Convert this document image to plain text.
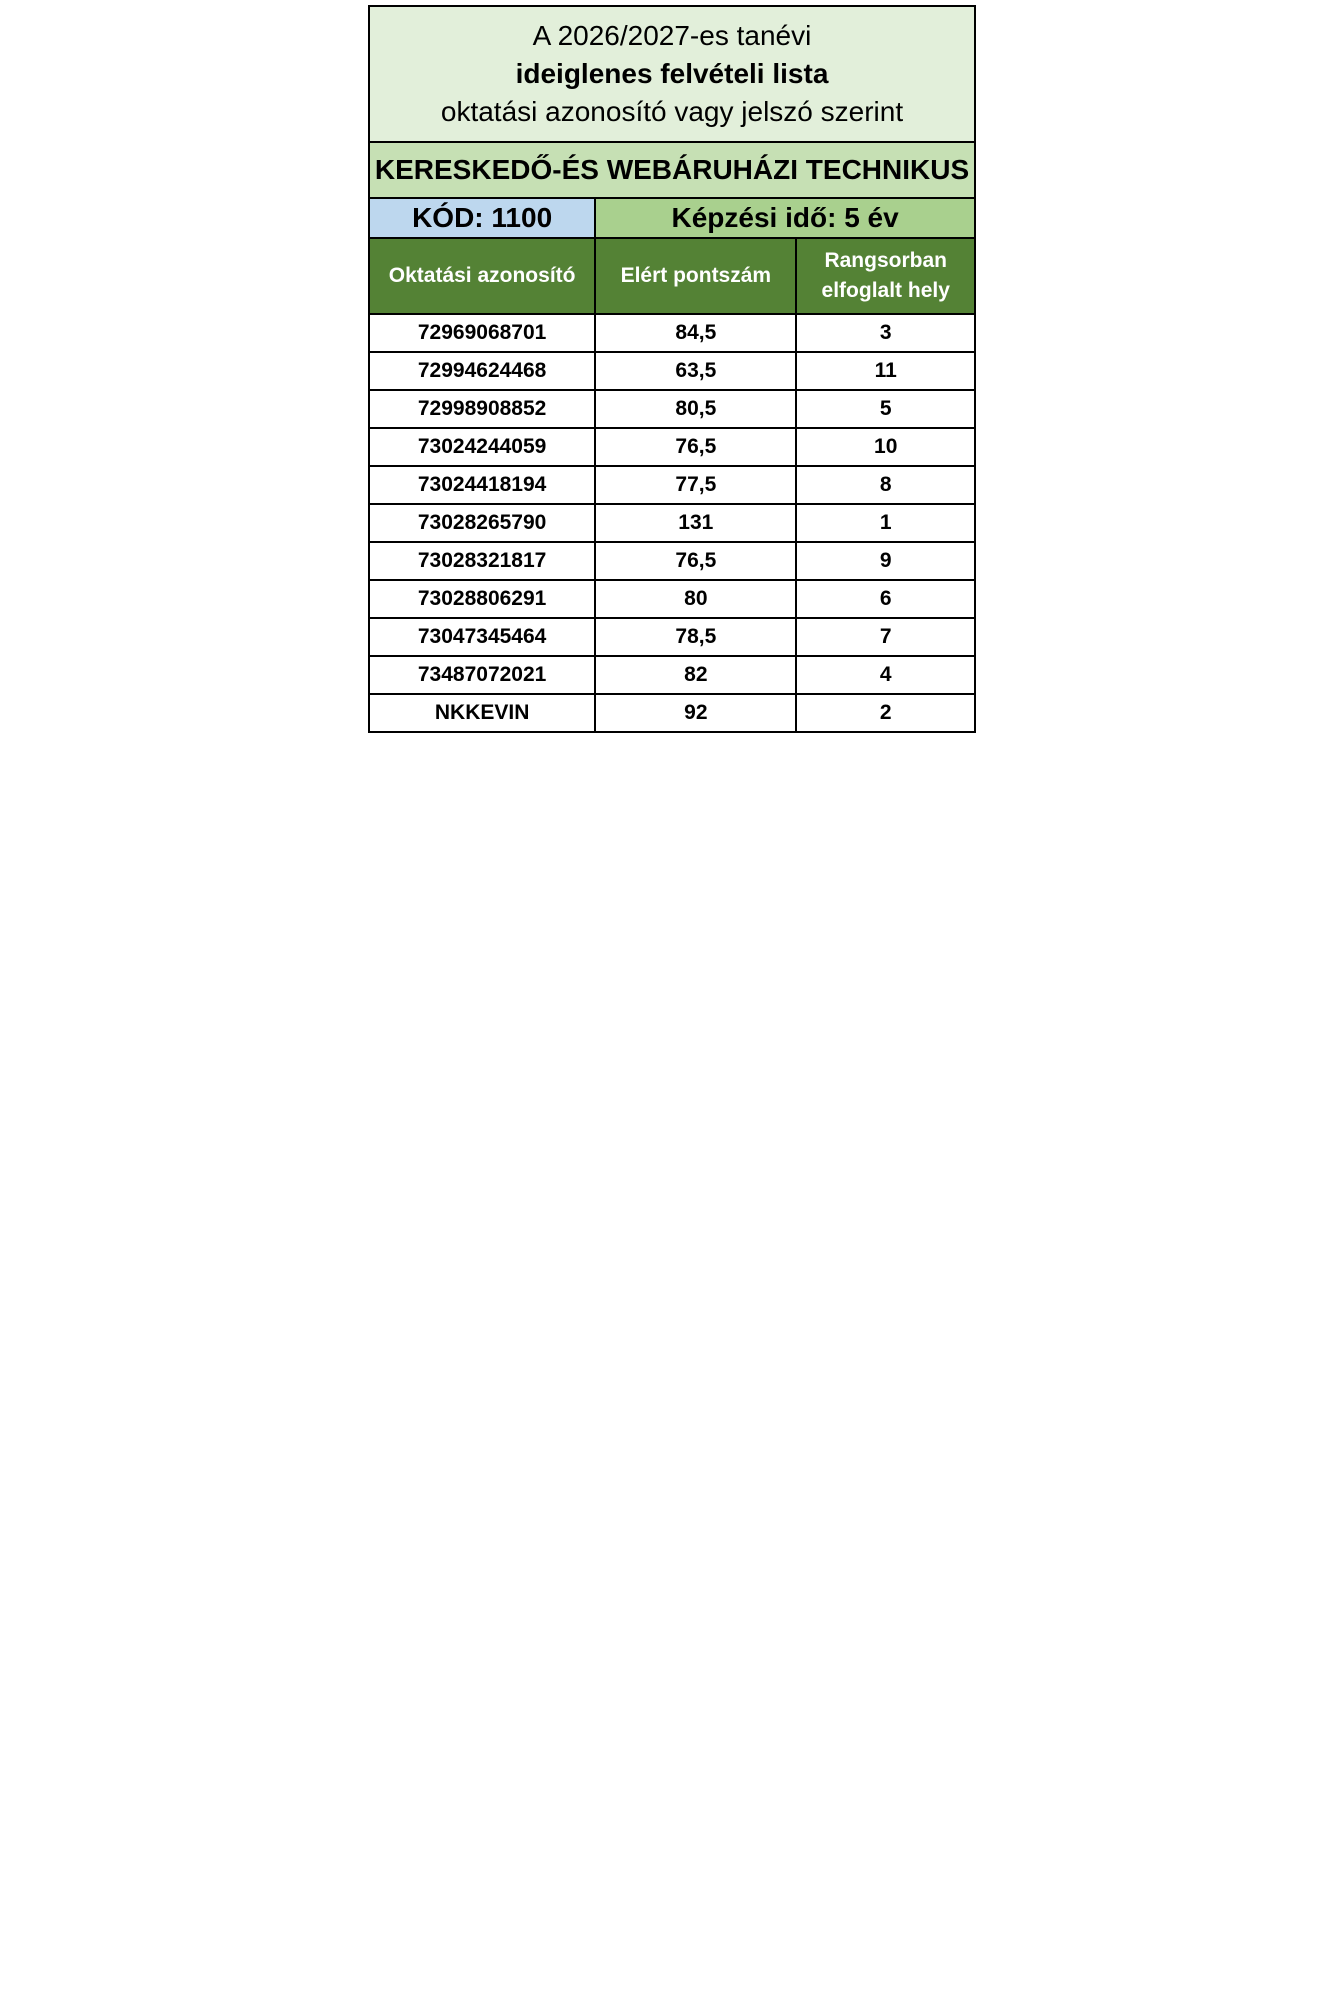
A 2026/2027-es tanévi
ideiglenes felvételi lista
oktatási azonosító vagy jelszó szerint		

KERESKEDŐ-ÉS WEBÁRUHÁZI TECHNIKUS		
KÓD: 1100	Képzési idő: 5 év	
Oktatási azonosító	Elért pontszám	Rangsorban
elfoglalt hely

72969068701	84,5	3
72994624468	63,5	11
72998908852	80,5	5
73024244059	76,5	10
73024418194	77,5	8
73028265790	131	1
73028321817	76,5	9
73028806291	80	6
73047345464	78,5	7
73487072021	82	4
NKKEVIN	92	2
